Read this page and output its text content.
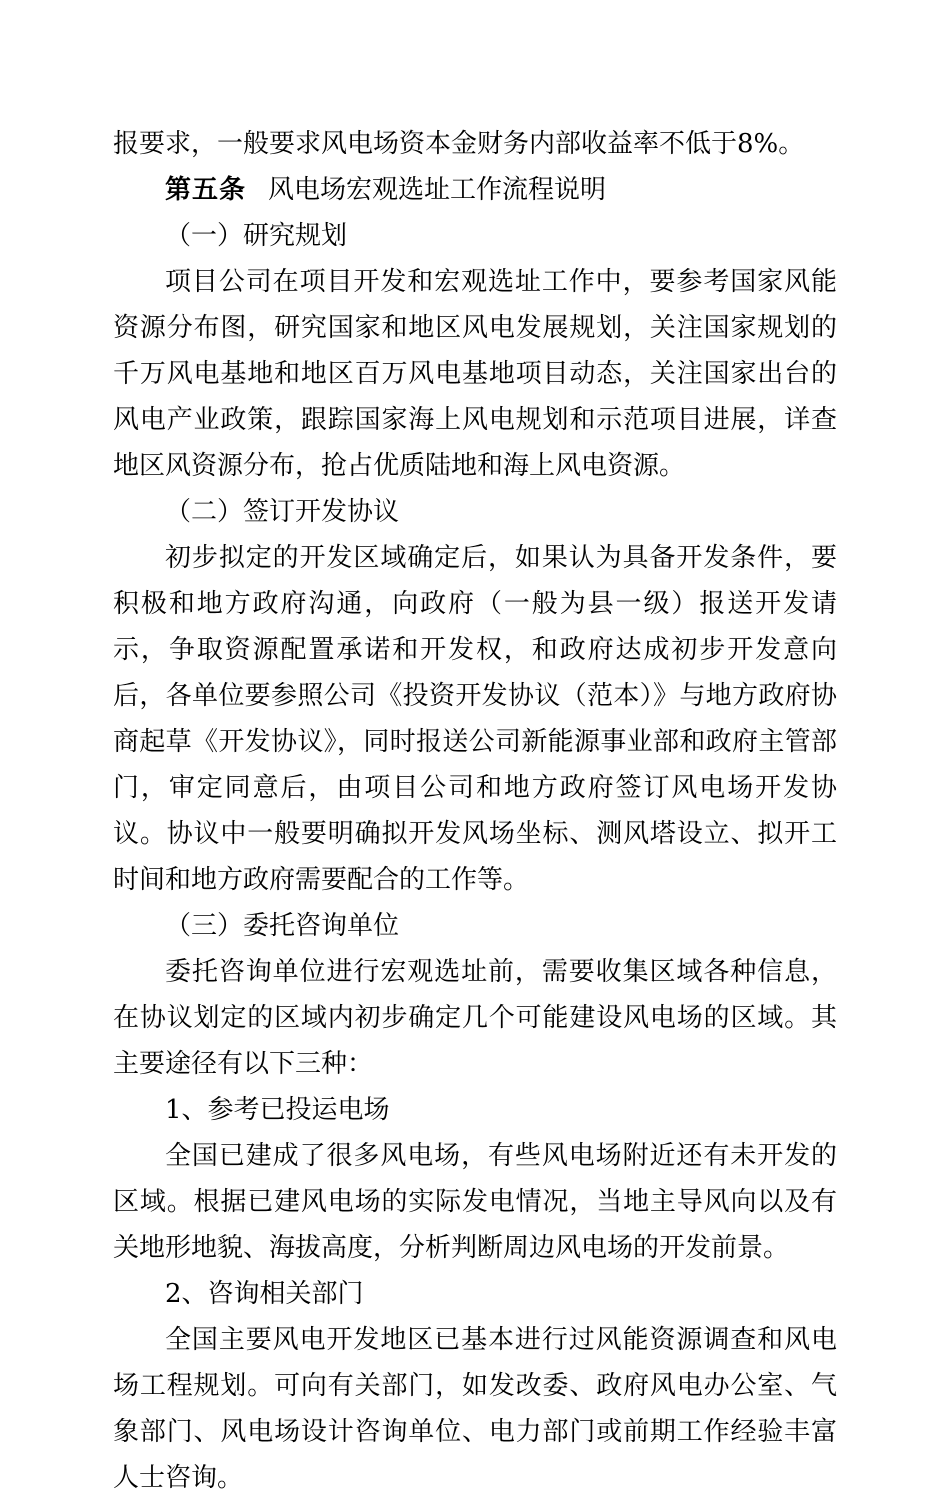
报要求，一般要求风电场资本金财务内部收益率不低于8%。

第五条 风电场宏观选址工作流程说明

（一）研究规划

项目公司在项目开发和宏观选址工作中，要参考国家风能资源分布图，研究国家和地区风电发展规划，关注国家规划的千万风电基地和地区百万风电基地项目动态，关注国家出台的风电产业政策，跟踪国家海上风电规划和示范项目进展，详查地区风资源分布，抢占优质陆地和海上风电资源。

（二）签订开发协议

初步拟定的开发区域确定后，如果认为具备开发条件，要积极和地方政府沟通，向政府（一般为县一级）报送开发请示，争取资源配置承诺和开发权，和政府达成初步开发意向后，各单位要参照公司《投资开发协议（范本）》与地方政府协商起草《开发协议》，同时报送公司新能源事业部和政府主管部门，审定同意后，由项目公司和地方政府签订风电场开发协议。协议中一般要明确拟开发风场坐标、测风塔设立、拟开工时间和地方政府需要配合的工作等。

（三）委托咨询单位

委托咨询单位进行宏观选址前，需要收集区域各种信息，在协议划定的区域内初步确定几个可能建设风电场的区域。其主要途径有以下三种：

1、参考已投运电场

全国已建成了很多风电场，有些风电场附近还有未开发的区域。根据已建风电场的实际发电情况，当地主导风向以及有关地形地貌、海拔高度，分析判断周边风电场的开发前景。

2、咨询相关部门

全国主要风电开发地区已基本进行过风能资源调查和风电场工程规划。可向有关部门，如发改委、政府风电办公室、气象部门、风电场设计咨询单位、电力部门或前期工作经验丰富人士咨询。
